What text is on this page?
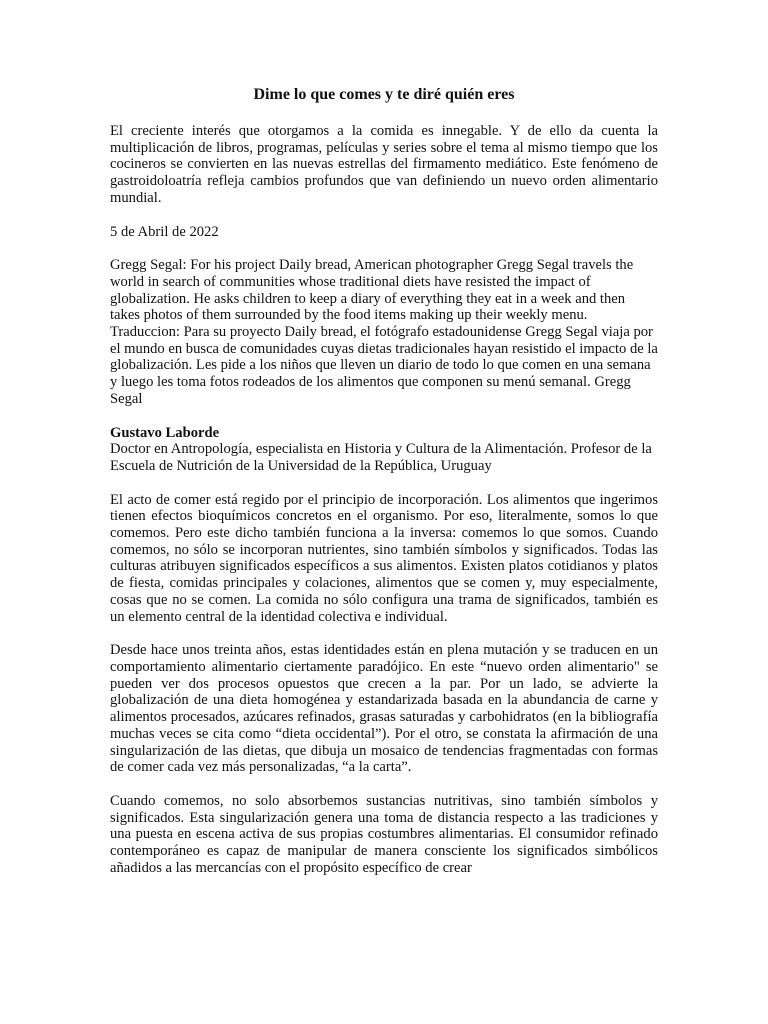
Dime lo que comes y te diré quién eres

El creciente interés que otorgamos a la comida es innegable. Y de ello da cuenta la multiplicación de libros, programas, películas y series sobre el tema al mismo tiempo que los cocineros se convierten en las nuevas estrellas del firmamento mediático. Este fenómeno de gastroidoloatría refleja cambios profundos que van definiendo un nuevo orden alimentario mundial.

5 de Abril de 2022

Gregg Segal: For his project Daily bread, American photographer Gregg Segal travels the world in search of communities whose traditional diets have resisted the impact of globalization. He asks children to keep a diary of everything they eat in a week and then takes photos of them surrounded by the food items making up their weekly menu.

Traduccion: Para su proyecto Daily bread, el fotógrafo estadounidense Gregg Segal viaja por el mundo en busca de comunidades cuyas dietas tradicionales hayan resistido el impacto de la globalización. Les pide a los niños que lleven un diario de todo lo que comen en una semana y luego les toma fotos rodeados de los alimentos que componen su menú semanal. Gregg Segal

Gustavo Laborde

Doctor en Antropología, especialista en Historia y Cultura de la Alimentación. Profesor de la Escuela de Nutrición de la Universidad de la República, Uruguay

El acto de comer está regido por el principio de incorporación. Los alimentos que ingerimos tienen efectos bioquímicos concretos en el organismo. Por eso, literalmente, somos lo que comemos. Pero este dicho también funciona a la inversa: comemos lo que somos. Cuando comemos, no sólo se incorporan nutrientes, sino también símbolos y significados. Todas las culturas atribuyen significados específicos a sus alimentos. Existen platos cotidianos y platos de fiesta, comidas principales y colaciones, alimentos que se comen y, muy especialmente, cosas que no se comen. La comida no sólo configura una trama de significados, también es un elemento central de la identidad colectiva e individual.

Desde hace unos treinta años, estas identidades están en plena mutación y se traducen en un comportamiento alimentario ciertamente paradójico. En este “nuevo orden alimentario" se pueden ver dos procesos opuestos que crecen a la par. Por un lado, se advierte la globalización de una dieta homogénea y estandarizada basada en la abundancia de carne y alimentos procesados, azúcares refinados, grasas saturadas y carbohidratos (en la bibliografía muchas veces se cita como “dieta occidental”). Por el otro, se constata la afirmación de una singularización de las dietas, que dibuja un mosaico de tendencias fragmentadas con formas de comer cada vez más personalizadas, “a la carta”.

Cuando comemos, no solo absorbemos sustancias nutritivas, sino también símbolos y significados. Esta singularización genera una toma de distancia respecto a las tradiciones y una puesta en escena activa de sus propias costumbres alimentarias. El consumidor refinado contemporáneo es capaz de manipular de manera consciente los significados simbólicos añadidos a las mercancías con el propósito específico de crear
